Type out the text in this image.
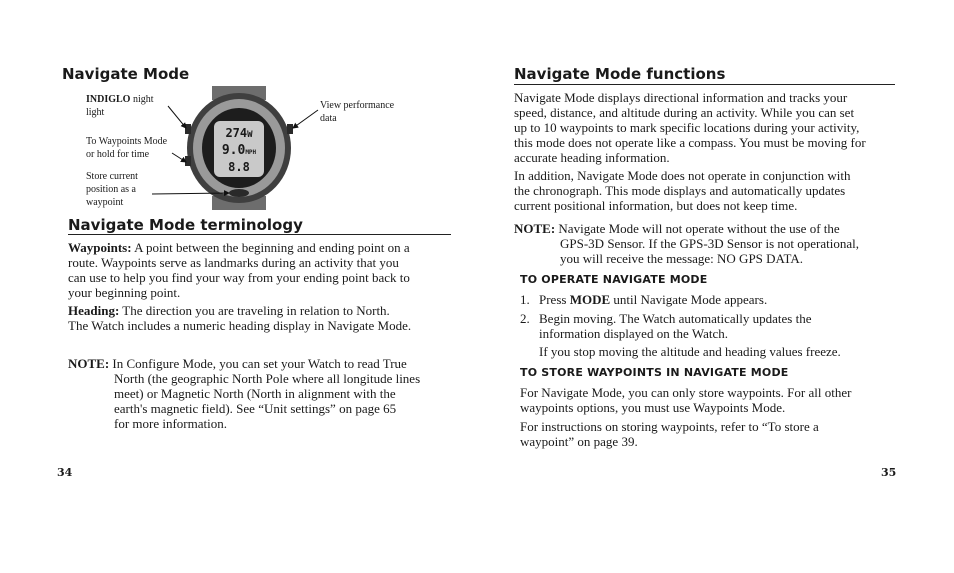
Navigate Mode
INDIGLO night
light
To Waypoints Mode
or hold for time
Store current
position as a
waypoint
View performance
data
274W
9.0MPH
8.8
Navigate Mode terminology
Waypoints: A point between the beginning and ending point on a
route. Waypoints serve as landmarks during an activity that you
can use to help you find your way from your ending point back to
your beginning point.
Heading: The direction you are traveling in relation to North.
The Watch includes a numeric heading display in Navigate Mode.
NOTE: In Configure Mode, you can set your Watch to read True
North (the geographic North Pole where all longitude lines
meet) or Magnetic North (North in alignment with the
earth's magnetic field). See “Unit settings” on page 65
for more information.
34
Navigate Mode functions
Navigate Mode displays directional information and tracks your
speed, distance, and altitude during an activity. While you can set
up to 10 waypoints to mark specific locations during your activity,
this mode does not operate like a compass. You must be moving for
accurate heading information.
In addition, Navigate Mode does not operate in conjunction with
the chronograph. This mode displays and automatically updates
current positional information, but does not keep time.
NOTE: Navigate Mode will not operate without the use of the
GPS-3D Sensor. If the GPS-3D Sensor is not operational,
you will receive the message: NO GPS DATA.
TO OPERATE NAVIGATE MODE
1. Press MODE until Navigate Mode appears.
2. Begin moving. The Watch automatically updates the
information displayed on the Watch.
If you stop moving the altitude and heading values freeze.
TO STORE WAYPOINTS IN NAVIGATE MODE
For Navigate Mode, you can only store waypoints. For all other
waypoints options, you must use Waypoints Mode.
For instructions on storing waypoints, refer to “To store a
waypoint” on page 39.
35
